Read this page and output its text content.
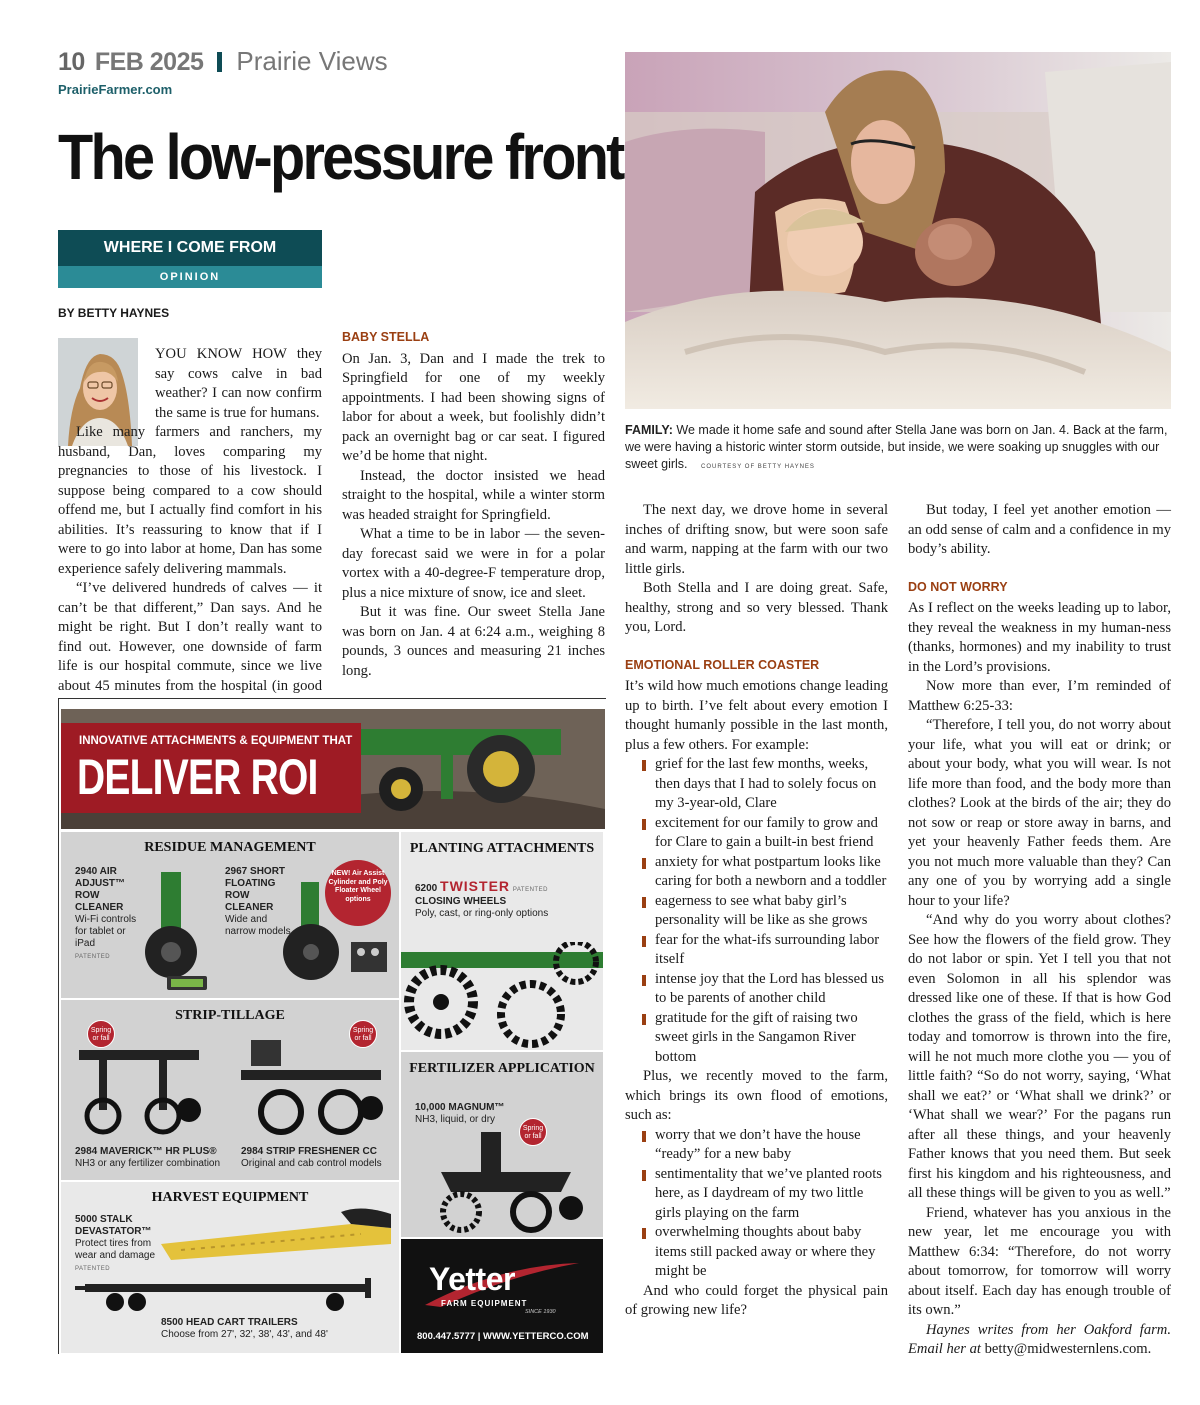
10 FEB 2025 Prairie Views
PrairieFarmer.com
The low-pressure front
WHERE I COME FROM
OPINION
BY BETTY HAYNES

YOU KNOW HOW they say cows calve in bad weather? I can now confirm the same is true for humans.

Like many farmers and ranchers, my husband, Dan, loves comparing my pregnancies to those of his livestock. I suppose being compared to a cow should offend me, but I actually find comfort in his abilities. It’s reassuring to know that if I were to go into labor at home, Dan has some experience safely delivering mammals.

“I’ve delivered hundreds of calves — it can’t be that different,” Dan says. And he might be right. But I don’t really want to find out. However, one downside of farm life is our hospital commute, since we live about 45 minutes from the hospital (in good

BABY STELLA

On Jan. 3, Dan and I made the trek to Springfield for one of my weekly appointments. I had been showing signs of labor for about a week, but foolishly didn’t pack an overnight bag or car seat. I figured we’d be home that night.

Instead, the doctor insisted we head straight to the hospital, while a winter storm was headed straight for Springfield.

What a time to be in labor — the seven-day forecast said we were in for a polar vortex with a 40-degree-F temperature drop, plus a nice mixture of snow, ice and sleet.

But it was fine. Our sweet Stella Jane was born on Jan. 4 at 6:24 a.m., weighing 8 pounds, 3 ounces and measuring 21 inches long.

FAMILY: We made it home safe and sound after Stella Jane was born on Jan. 4. Back at the farm, we were having a historic winter storm outside, but inside, we were soaking up snuggles with our sweet girls. COURTESY OF BETTY HAYNES

The next day, we drove home in several inches of drifting snow, but were soon safe and warm, napping at the farm with our two little girls.

Both Stella and I are doing great. Safe, healthy, strong and so very blessed. Thank you, Lord.

EMOTIONAL ROLLER COASTER

It’s wild how much emotions change leading up to birth. I’ve felt about every emotion I thought humanly possible in the last month, plus a few others. For example:

grief for the last few months, weeks, then days that I had to solely focus on my 3-year-old, Clare
excitement for our family to grow and for Clare to gain a built-in best friend
anxiety for what postpartum looks like caring for both a newborn and a toddler
eagerness to see what baby girl’s personality will be like as she grows
fear for the what-ifs surrounding labor itself
intense joy that the Lord has blessed us to be parents of another child
gratitude for the gift of raising two sweet girls in the Sangamon River bottom

Plus, we recently moved to the farm, which brings its own flood of emotions, such as:

worry that we don’t have the house “ready” for a new baby
sentimentality that we’ve planted roots here, as I daydream of my two little girls playing on the farm
overwhelming thoughts about baby items still packed away or where they might be

And who could forget the physical pain of growing new life?

But today, I feel yet another emotion — an odd sense of calm and a confidence in my body’s ability.

DO NOT WORRY

As I reflect on the weeks leading up to labor, they reveal the weakness in my human-ness (thanks, hormones) and my inability to trust in the Lord’s provisions.

Now more than ever, I’m reminded of Matthew 6:25-33:

“Therefore, I tell you, do not worry about your life, what you will eat or drink; or about your body, what you will wear. Is not life more than food, and the body more than clothes? Look at the birds of the air; they do not sow or reap or store away in barns, and yet your heavenly Father feeds them. Are you not much more valuable than they? Can any one of you by worrying add a single hour to your life?

“And why do you worry about clothes? See how the flowers of the field grow. They do not labor or spin. Yet I tell you that not even Solomon in all his splendor was dressed like one of these. If that is how God clothes the grass of the field, which is here today and tomorrow is thrown into the fire, will he not much more clothe you — you of little faith? “So do not worry, saying, ‘What shall we eat?’ or ‘What shall we drink?’ or ‘What shall we wear?’ For the pagans run after all these things, and your heavenly Father knows that you need them. But seek first his kingdom and his righteousness, and all these things will be given to you as well.”

Friend, whatever has you anxious in the new year, let me encourage you with Matthew 6:34: “Therefore, do not worry about tomorrow, for tomorrow will worry about itself. Each day has enough trouble of its own.”

Haynes writes from her Oakford farm. Email her at betty@midwesternlens.com.

INNOVATIVE ATTACHMENTS & EQUIPMENT THAT
DELIVER ROI
RESIDUE MANAGEMENT
2940 AIR ADJUST™ ROW CLEANER
Wi-Fi controls for tablet or iPad
PATENTED
2967 SHORT FLOATING ROW CLEANER
Wide and narrow models
NEW! Air Assist Cylinder and Poly Floater Wheel options
PLANTING ATTACHMENTS
6200 TWISTER PATENTED
CLOSING WHEELS
Poly, cast, or ring-only options
STRIP-TILLAGE
Spring or fall
Spring or fall
2984 MAVERICK™ HR PLUS®
NH3 or any fertilizer combination
2984 STRIP FRESHENER CC
Original and cab control models
FERTILIZER APPLICATION
10,000 MAGNUM™
NH3, liquid, or dry
Spring or fall
HARVEST EQUIPMENT
5000 STALK DEVASTATOR™
Protect tires from wear and damage
PATENTED
8500 HEAD CART TRAILERS
Choose from 27', 32', 38', 43', and 48'
Yetter
FARM EQUIPMENT
SINCE 1930
800.447.5777 | WWW.YETTERCO.COM
